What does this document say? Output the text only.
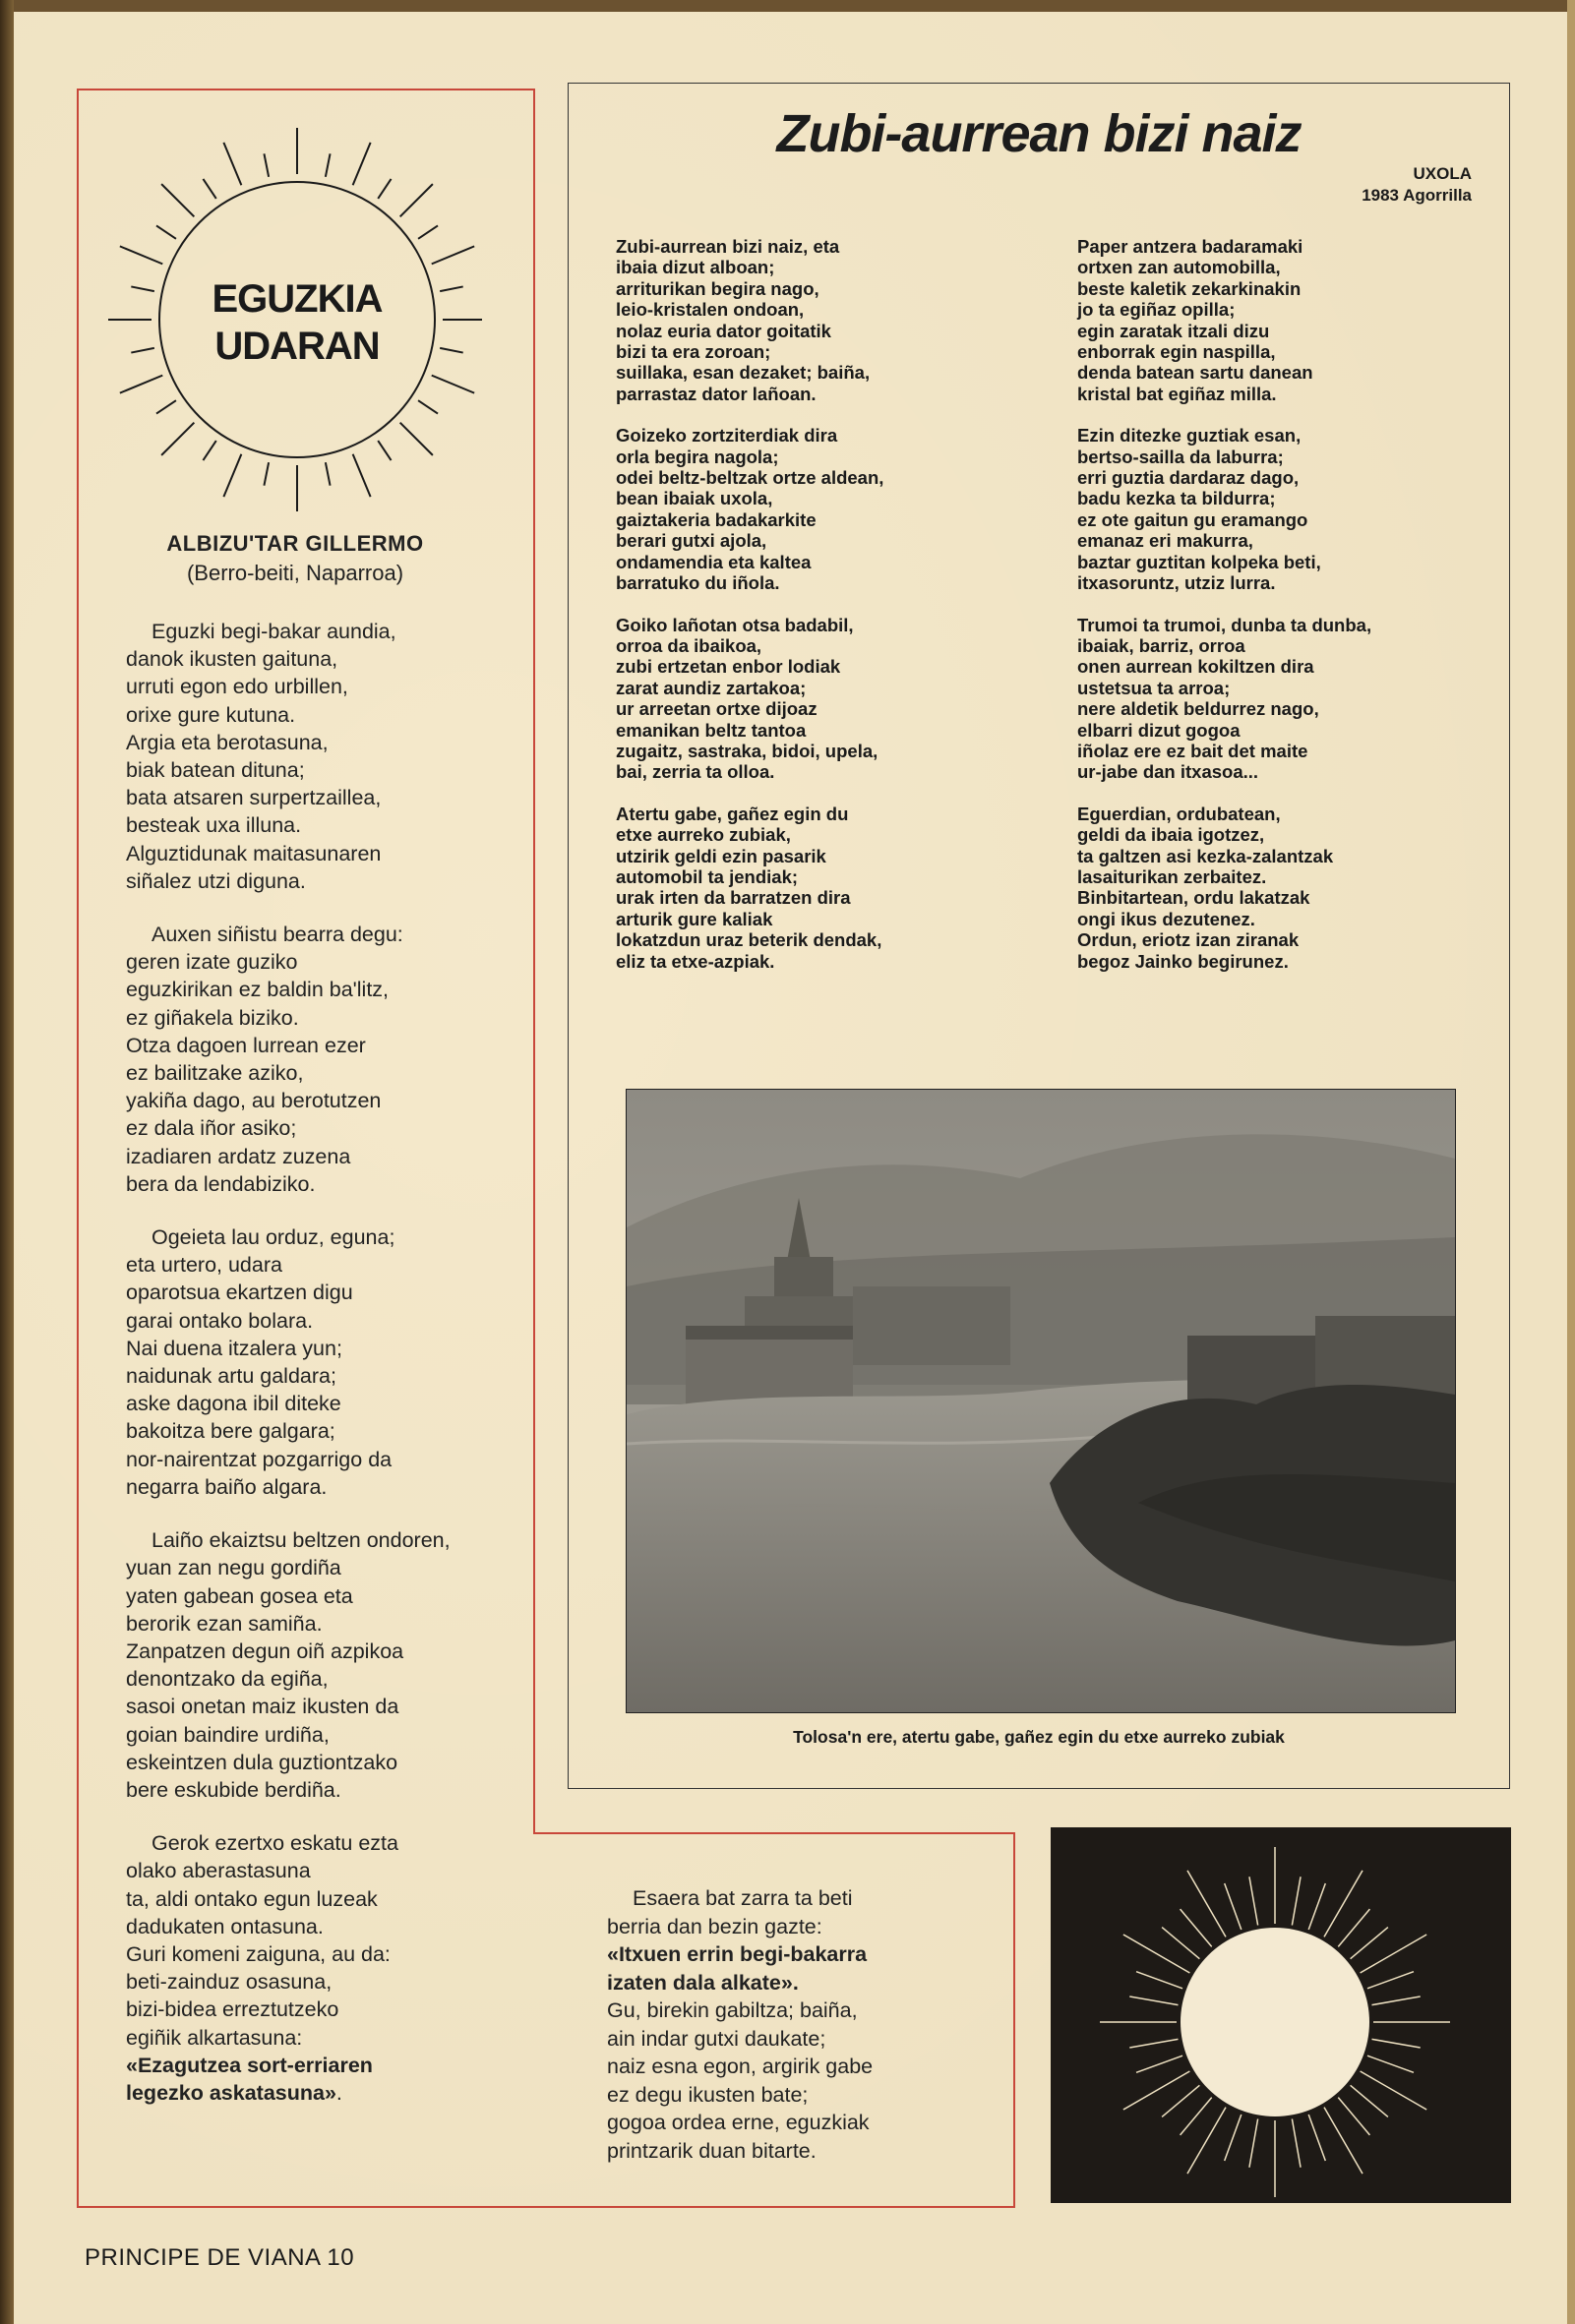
EGUZKIA
UDARAN
ALBIZU'TAR GILLERMO
(Berro-beiti, Naparroa)
Eguzki begi-bakar aundia,
danok ikusten gaituna,
urruti egon edo urbillen,
orixe gure kutuna.
Argia eta berotasuna,
biak batean dituna;
bata atsaren surpertzaillea,
besteak uxa illuna.
Alguztidunak maitasunaren
siñalez utzi diguna.
Auxen siñistu bearra degu:
geren izate guziko
eguzkirikan ez baldin ba'litz,
ez giñakela biziko.
Otza dagoen lurrean ezer
ez bailitzake aziko,
yakiña dago, au berotutzen
ez dala iñor asiko;
izadiaren ardatz zuzena
bera da lendabiziko.
Ogeieta lau orduz, eguna;
eta urtero, udara
oparotsua ekartzen digu
garai ontako bolara.
Nai duena itzalera yun;
naidunak artu galdara;
aske dagona ibil diteke
bakoitza bere galgara;
nor-nairentzat pozgarrigo da
negarra baiño algara.
Laiño ekaiztsu beltzen ondoren,
yuan zan negu gordiña
yaten gabean gosea eta
berorik ezan samiña.
Zanpatzen degun oiñ azpikoa
denontzako da egiña,
sasoi onetan maiz ikusten da
goian baindire urdiña,
eskeintzen dula guztiontzako
bere eskubide berdiña.
Gerok ezertxo eskatu ezta
olako aberastasuna
ta, aldi ontako egun luzeak
dadukaten ontasuna.
Guri komeni zaiguna, au da:
beti-zainduz osasuna,
bizi-bidea erreztutzeko
egiñik alkartasuna:
«Ezagutzea sort-erriaren
legezko askatasuna».
Zubi-aurrean bizi naiz
UXOLA
1983 Agorrilla
Zubi-aurrean bizi naiz, eta
ibaia dizut alboan;
arriturikan begira nago,
leio-kristalen ondoan,
nolaz euria dator goitatik
bizi ta era zoroan;
suillaka, esan dezaket; baiña,
parrastaz dator lañoan.
Goizeko zortziterdiak dira
orla begira nagola;
odei beltz-beltzak ortze aldean,
bean ibaiak uxola,
gaiztakeria badakarkite
berari gutxi ajola,
ondamendia eta kaltea
barratuko du iñola.
Goiko lañotan otsa badabil,
orroa da ibaikoa,
zubi ertzetan enbor lodiak
zarat aundiz zartakoa;
ur arreetan ortxe dijoaz
emanikan beltz tantoa
zugaitz, sastraka, bidoi, upela,
bai, zerria ta olloa.
Atertu gabe, gañez egin du
etxe aurreko zubiak,
utzirik geldi ezin pasarik
automobil ta jendiak;
urak irten da barratzen dira
arturik gure kaliak
lokatzdun uraz beterik dendak,
eliz ta etxe-azpiak.
Paper antzera badaramaki
ortxen zan automobilla,
beste kaletik zekarkinakin
jo ta egiñaz opilla;
egin zaratak itzali dizu
enborrak egin naspilla,
denda batean sartu danean
kristal bat egiñaz milla.
Ezin ditezke guztiak esan,
bertso-sailla da laburra;
erri guztia dardaraz dago,
badu kezka ta bildurra;
ez ote gaitun gu eramango
emanaz eri makurra,
baztar guztitan kolpeka beti,
itxasoruntz, utziz lurra.
Trumoi ta trumoi, dunba ta dunba,
ibaiak, barriz, orroa
onen aurrean kokiltzen dira
ustetsua ta arroa;
nere aldetik beldurrez nago,
elbarri dizut gogoa
iñolaz ere ez bait det maite
ur-jabe dan itxasoa...
Eguerdian, ordubatean,
geldi da ibaia igotzez,
ta galtzen asi kezka-zalantzak
lasaiturikan zerbaitez.
Binbitartean, ordu lakatzak
ongi ikus dezutenez.
Ordun, eriotz izan ziranak
begoz Jainko begirunez.
Tolosa'n ere, atertu gabe, gañez egin du etxe aurreko zubiak
Esaera bat zarra ta beti
berria dan bezin gazte:
«Itxuen errin begi-bakarra
izaten dala alkate».
Gu, birekin gabiltza; baiña,
ain indar gutxi daukate;
naiz esna egon, argirik gabe
ez degu ikusten bate;
gogoa ordea erne, eguzkiak
printzarik duan bitarte.
PRINCIPE DE VIANA 10
